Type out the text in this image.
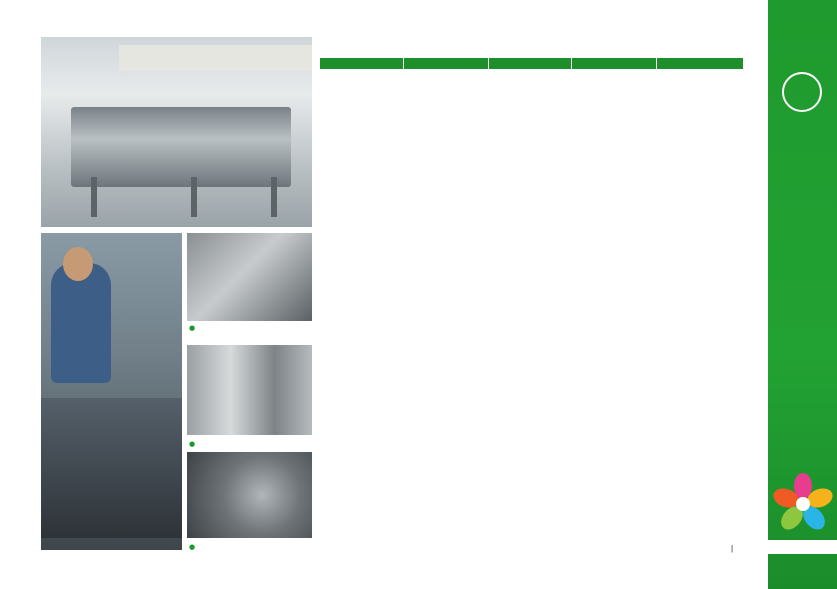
●
●
●
					|
